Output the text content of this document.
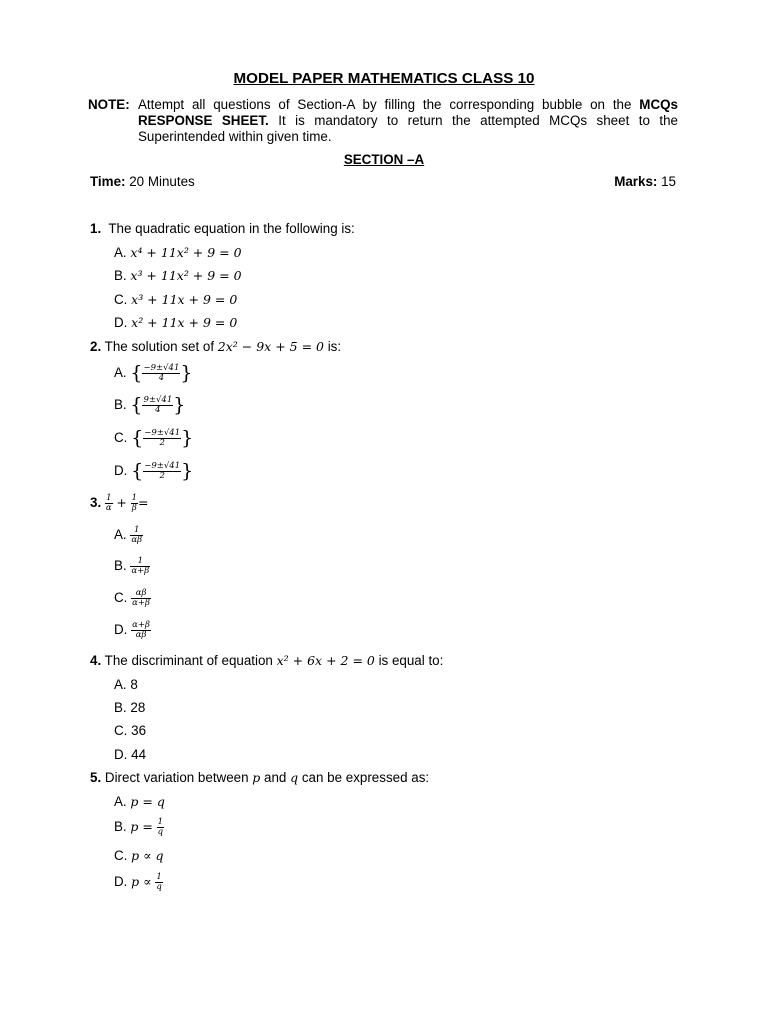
MODEL PAPER MATHEMATICS CLASS 10
NOTE: Attempt all questions of Section-A by filling the corresponding bubble on the MCQs RESPONSE SHEET. It is mandatory to return the attempted MCQs sheet to the Superintended within given time.
SECTION –A
Time: 20 Minutes	Marks: 15
1. The quadratic equation in the following is:
A. x⁴ + 11x² + 9 = 0
B. x³ + 11x² + 9 = 0
C. x³ + 11x + 9 = 0
D. x² + 11x + 9 = 0
2. The solution set of 2x² − 9x + 5 = 0 is:
A. { $\frac{-9\pm√41}{4}$ }
B. { $\frac{9\pm√41}{4}$ }
C. { $\frac{-9\pm√41}{2}$ }
D. { $\frac{-9\pm√41}{2}$ }
3. $\frac{1}{\alpha} + \frac{1}{\beta}$ =
A. $\frac{1}{\alpha\beta}$
B. $\frac{1}{\alpha+\beta}$
C. $\frac{\alpha\beta}{\alpha+\beta}$
D. $\frac{\alpha+\beta}{\alpha\beta}$
4. The discriminant of equation x² + 6x + 2 = 0 is equal to:
A. 8
B. 28
C. 36
D. 44
5. Direct variation between p and q can be expressed as:
A. p = q
B. $p = \frac{1}{q}$
C. p ∝ q
D. $p \propto \frac{1}{q}$
